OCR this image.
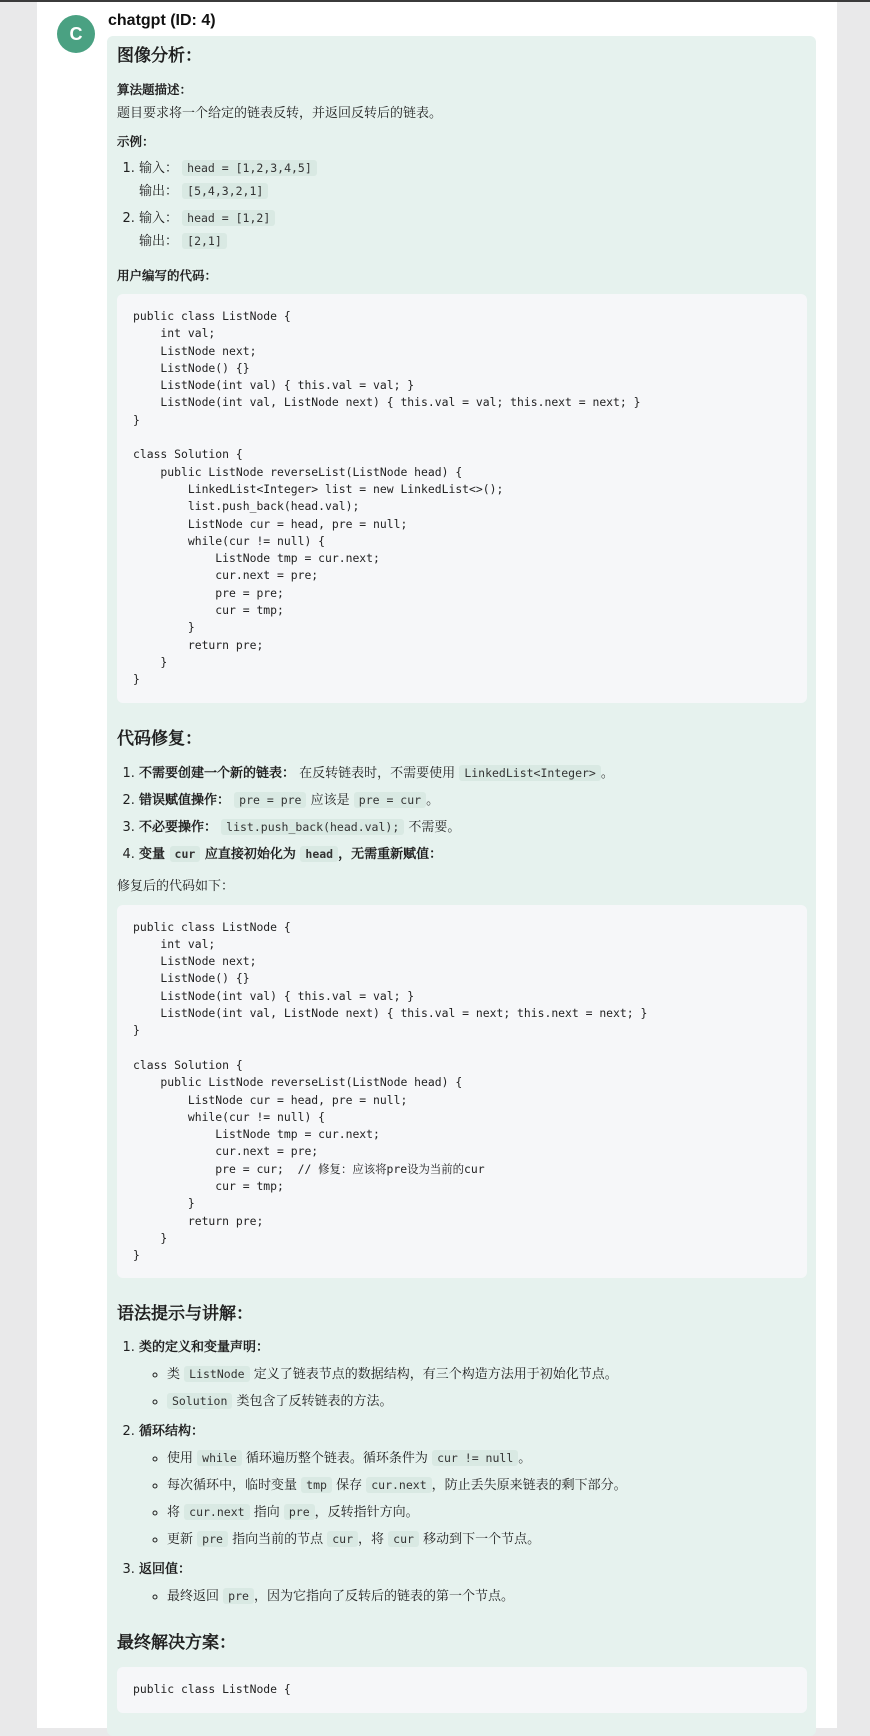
C
chatgpt (ID: 4)
图像分析：
算法题描述：

题目要求将一个给定的链表反转，并返回反转后的链表。

示例：
1. 输入： head = [1,2,3,4,5]
输出： [5,4,3,2,1]
2. 输入： head = [1,2]
输出： [2,1]
用户编写的代码：
public class ListNode {
int val;
ListNode next;
ListNode() {}
ListNode(int val) { this.val = val; }
ListNode(int val, ListNode next) { this.val = val; this.next = next; }
}

class Solution {
public ListNode reverseList(ListNode head) {
LinkedList<Integer> list = new LinkedList<>();
list.push_back(head.val);
ListNode cur = head, pre = null;
while(cur != null) {
ListNode tmp = cur.next;
cur.next = pre;
pre = pre;
cur = tmp;
}
return pre;
}
}
代码修复：
1. 不需要创建一个新的链表： 在反转链表时，不需要使用 LinkedList<Integer> 。
2. 错误赋值操作： pre = pre 应该是 pre = cur 。
3. 不必要操作： list.push_back(head.val); 不需要。
4. 变量 cur 应直接初始化为 head ，无需重新赋值：

修复后的代码如下：

public class ListNode {
int val;
ListNode next;
ListNode() {}
ListNode(int val) { this.val = val; }
ListNode(int val, ListNode next) { this.val = next; this.next = next; }
}

class Solution {
public ListNode reverseList(ListNode head) {
ListNode cur = head, pre = null;
while(cur != null) {
ListNode tmp = cur.next;
cur.next = pre;
pre = cur;  // 修复：应该将pre设为当前的cur
cur = tmp;
}
return pre;
}
}
语法提示与讲解：
1. 类的定义和变量声明：
◦ 类 ListNode 定义了链表节点的数据结构，有三个构造方法用于初始化节点。
◦ Solution 类包含了反转链表的方法。
2. 循环结构：
◦ 使用 while 循环遍历整个链表。循环条件为 cur != null 。
◦ 每次循环中，临时变量 tmp 保存 cur.next ，防止丢失原来链表的剩下部分。
◦ 将 cur.next 指向 pre ，反转指针方向。
◦ 更新 pre 指向当前的节点 cur ，将 cur 移动到下一个节点。
3. 返回值：
◦ 最终返回 pre ，因为它指向了反转后的链表的第一个节点。
最终解决方案：
public class ListNode {
